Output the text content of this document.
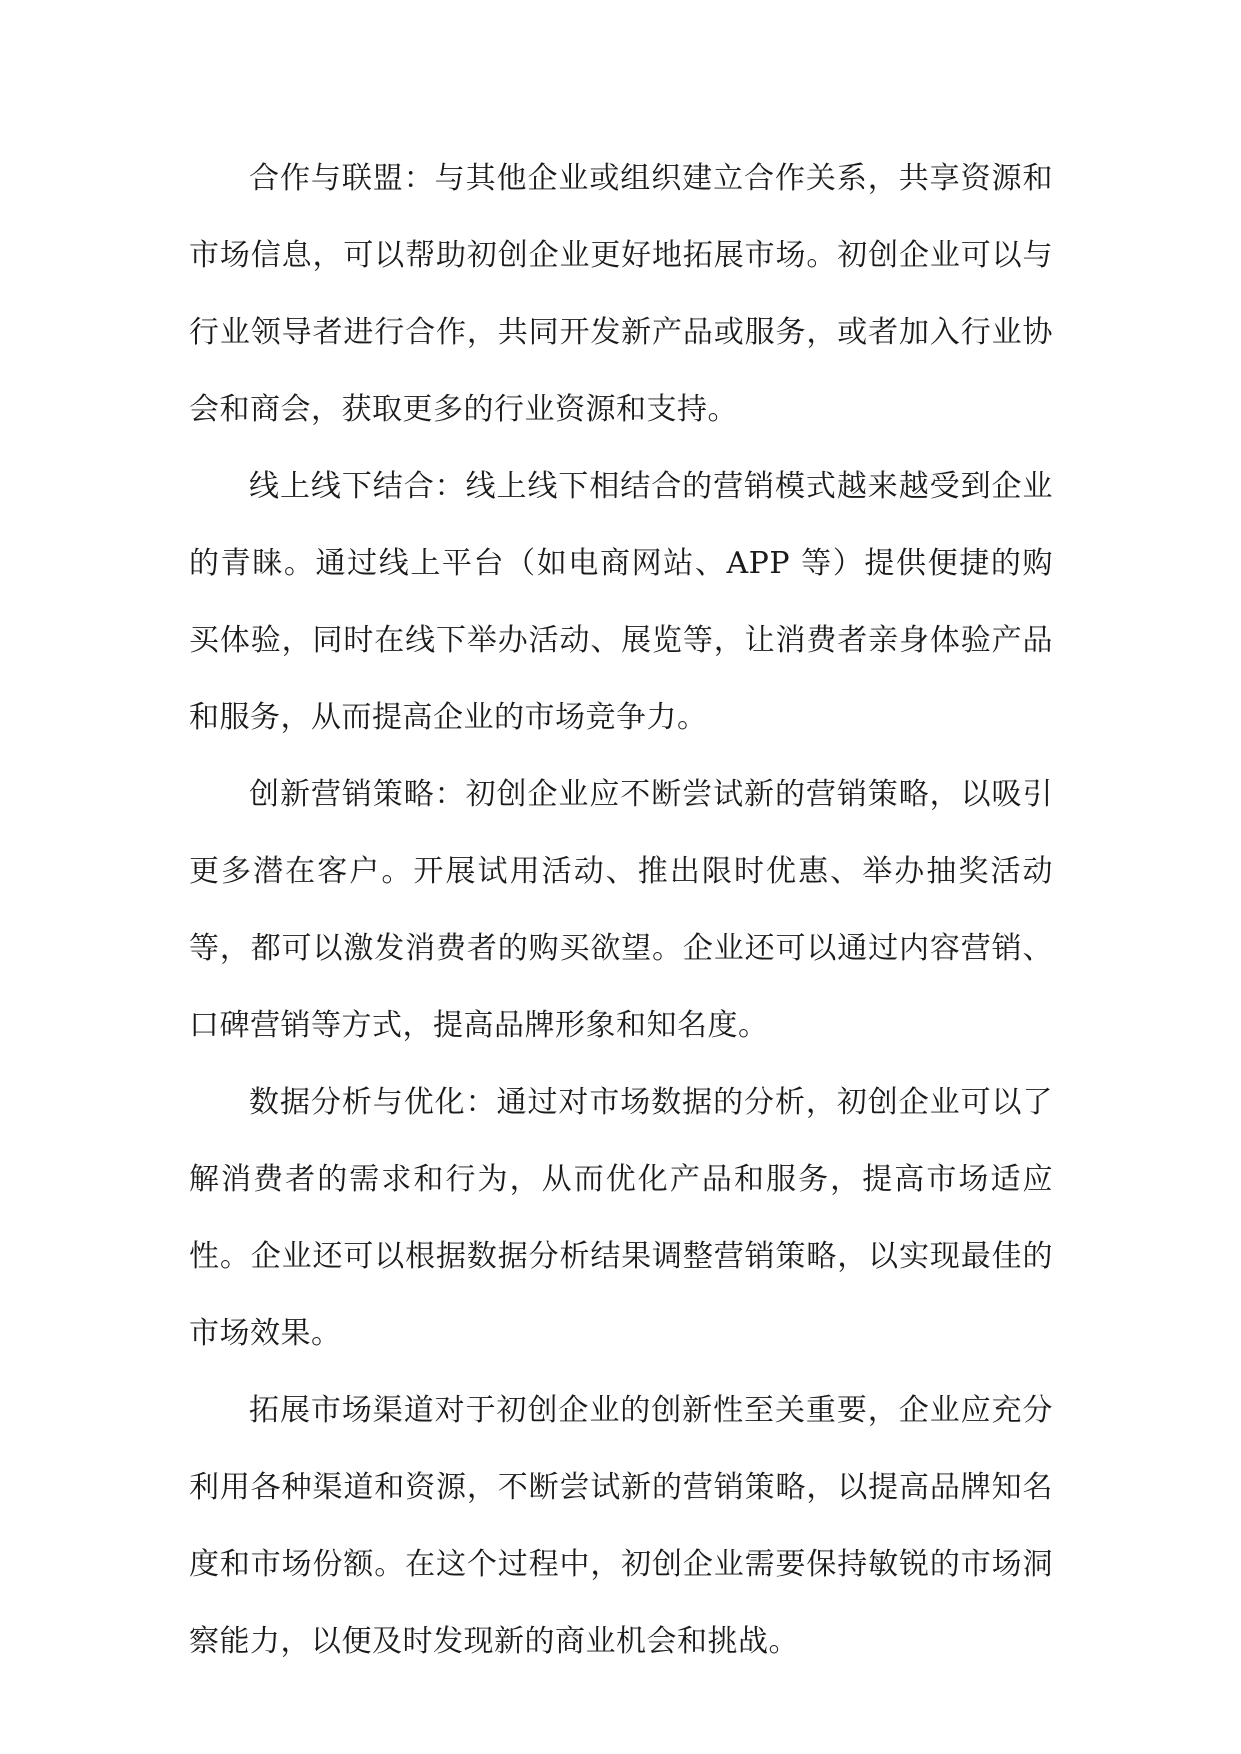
合作与联盟：与其他企业或组织建立合作关系，共享资源和市场信息，可以帮助初创企业更好地拓展市场。初创企业可以与行业领导者进行合作，共同开发新产品或服务，或者加入行业协会和商会，获取更多的行业资源和支持。

线上线下结合：线上线下相结合的营销模式越来越受到企业的青睐。通过线上平台（如电商网站、APP 等）提供便捷的购买体验，同时在线下举办活动、展览等，让消费者亲身体验产品和服务，从而提高企业的市场竞争力。

创新营销策略：初创企业应不断尝试新的营销策略，以吸引更多潜在客户。开展试用活动、推出限时优惠、举办抽奖活动等，都可以激发消费者的购买欲望。企业还可以通过内容营销、口碑营销等方式，提高品牌形象和知名度。

数据分析与优化：通过对市场数据的分析，初创企业可以了解消费者的需求和行为，从而优化产品和服务，提高市场适应性。企业还可以根据数据分析结果调整营销策略，以实现最佳的市场效果。

拓展市场渠道对于初创企业的创新性至关重要，企业应充分利用各种渠道和资源，不断尝试新的营销策略，以提高品牌知名度和市场份额。在这个过程中，初创企业需要保持敏锐的市场洞察能力，以便及时发现新的商业机会和挑战。
